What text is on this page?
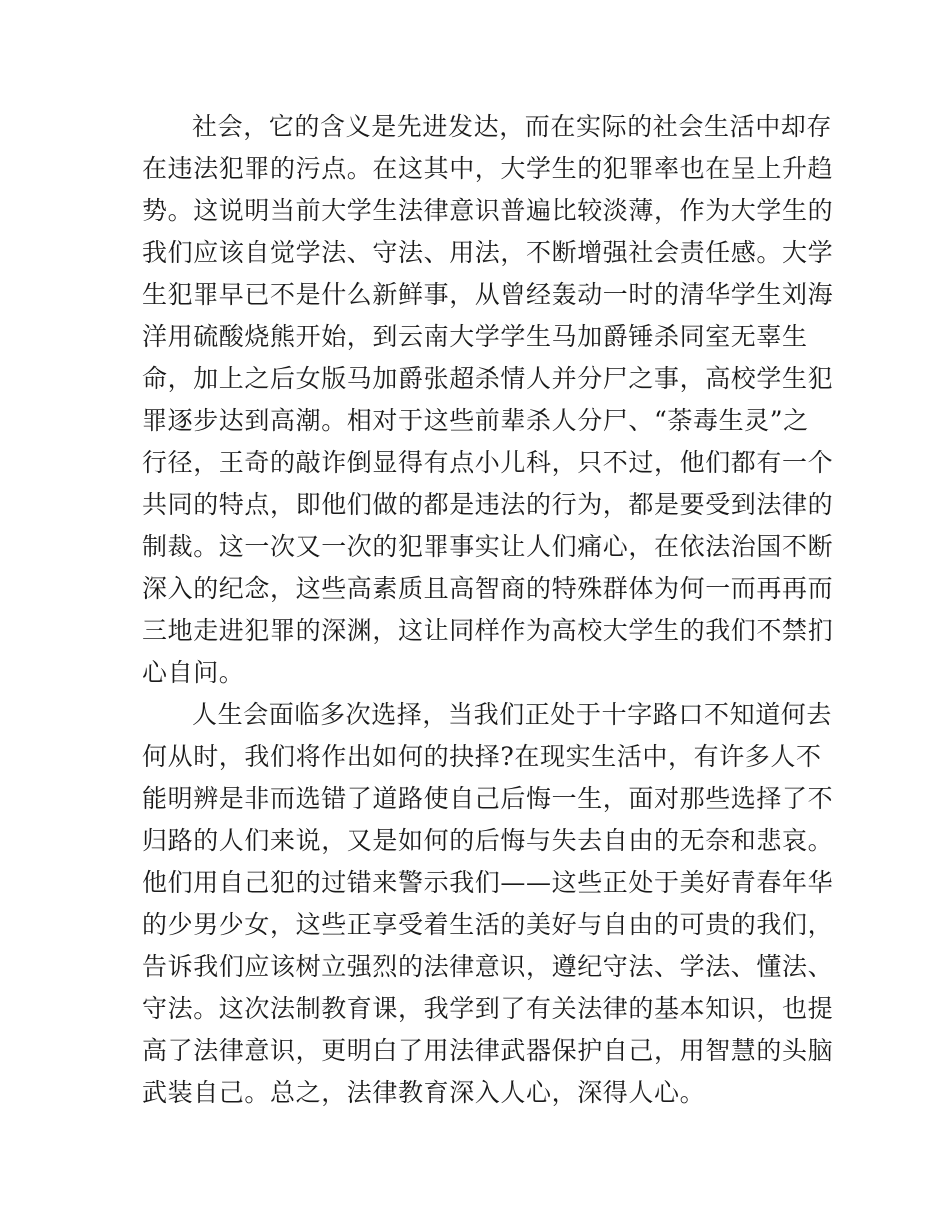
社会，它的含义是先进发达，而在实际的社会生活中却存
在违法犯罪的污点。在这其中，大学生的犯罪率也在呈上升趋
势。这说明当前大学生法律意识普遍比较淡薄，作为大学生的
我们应该自觉学法、守法、用法，不断增强社会责任感。大学
生犯罪早已不是什么新鲜事，从曾经轰动一时的清华学生刘海
洋用硫酸烧熊开始，到云南大学学生马加爵锤杀同室无辜生
命，加上之后女版马加爵张超杀情人并分尸之事，高校学生犯
罪逐步达到高潮。相对于这些前辈杀人分尸、“荼毒生灵”之
行径，王奇的敲诈倒显得有点小儿科，只不过，他们都有一个
共同的特点，即他们做的都是违法的行为，都是要受到法律的
制裁。这一次又一次的犯罪事实让人们痛心，在依法治国不断
深入的纪念，这些高素质且高智商的特殊群体为何一而再再而
三地走进犯罪的深渊，这让同样作为高校大学生的我们不禁扪
心自问。
人生会面临多次选择，当我们正处于十字路口不知道何去
何从时，我们将作出如何的抉择?在现实生活中，有许多人不
能明辨是非而选错了道路使自己后悔一生，面对那些选择了不
归路的人们来说，又是如何的后悔与失去自由的无奈和悲哀。
他们用自己犯的过错来警示我们——这些正处于美好青春年华
的少男少女，这些正享受着生活的美好与自由的可贵的我们，
告诉我们应该树立强烈的法律意识，遵纪守法、学法、懂法、
守法。这次法制教育课，我学到了有关法律的基本知识，也提
高了法律意识，更明白了用法律武器保护自己，用智慧的头脑
武装自己。总之，法律教育深入人心，深得人心。
